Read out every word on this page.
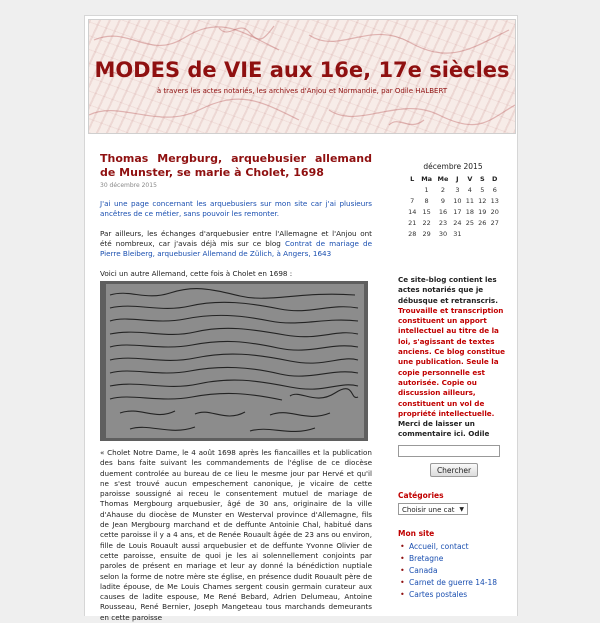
MODES de VIE aux 16e, 17e siècles
à travers les actes notariés, les archives d'Anjou et Normandie, par Odile HALBERT
Thomas Mergburg, arquebusier allemand de Munster, se marie à Cholet, 1698
30 décembre 2015
J'ai une page concernant les arquebusiers sur mon site car j'ai plusieurs ancêtres de ce métier, sans pouvoir les remonter.
Par ailleurs, les échanges d'arquebusier entre l'Allemagne et l'Anjou ont été nombreux, car j'avais déjà mis sur ce blog Contrat de mariage de Pierre Bleiberg, arquebusier Allemand de Zülich, à Angers, 1643
Voici un autre Allemand, cette fois à Cholet en 1698 :
« Cholet Notre Dame, le 4 août 1698 après les fiancailles et la publication des bans faite suivant les commandements de l'église de ce diocèse duement controlée au bureau de ce lieu le mesme jour par Hervé et qu'il ne s'est trouvé aucun empeschement canonique, je vicaire de cette paroisse soussigné ai receu le consentement mutuel de mariage de Thomas Mergbourg arquebusier, âgé de 30 ans, originaire de la ville d'Ahause du diocèse de Munster en Westerval province d'Allemagne, fils de Jean Mergbourg marchand et de deffunte Antoinie Chal, habitué dans cette paroisse il y a 4 ans, et de Renée Rouault âgée de 23 ans ou environ, fille de Louis Rouault aussi arquebusier et de deffunte Yvonne Olivier de cette paroisse, ensuite de quoi je les ai solennellement conjoints par paroles de présent en mariage et leur ay donné la bénédiction nuptiale selon la forme de notre mère ste église, en présence dudit Rouault père de ladite épouse, de Me Louis Chames sergent cousin germain curateur aux causes de ladite espouse, Me René Bebard, Adrien Delumeau, Antoine Rousseau, René Bernier, Joseph Mangeteau tous marchands demeurants en cette paroisse
décembre 2015
L	Ma	Me	J	V	S	D
	1	2	3	4	5	6
7	8	9	10	11	12	13
14	15	16	17	18	19	20
21	22	23	24	25	26	27
28	29	30	31			
Ce site-blog contient les actes notariés que je débusque et retranscris. Trouvaille et transcription constituent un apport intellectuel au titre de la loi, s'agissant de textes anciens. Ce blog constitue une publication. Seule la copie personnelle est autorisée. Copie ou discussion ailleurs, constituent un vol de propriété intellectuelle. Merci de laisser un commentaire ici. Odile
Chercher
Catégories
Choisir une cat ▼
Mon site
• Accueil, contact
• Bretagne
• Canada
• Carnet de guerre 14-18
• Cartes postales
